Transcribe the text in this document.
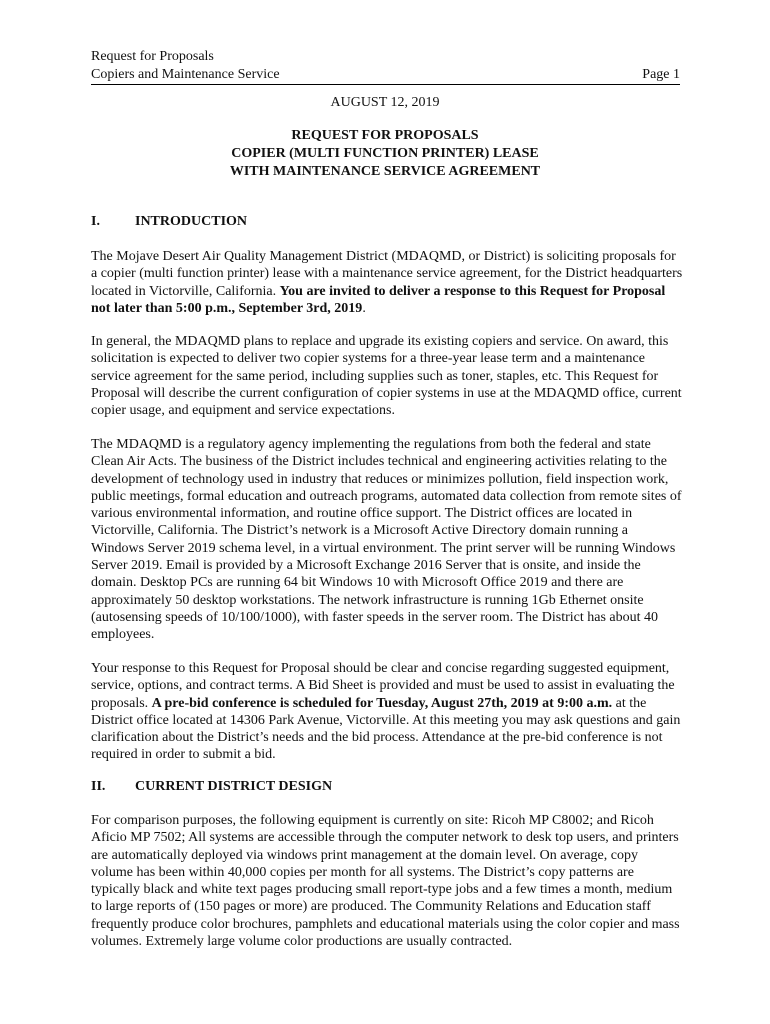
Request for Proposals
Copiers and Maintenance Service	Page 1
AUGUST 12, 2019
REQUEST FOR PROPOSALS
COPIER (MULTI FUNCTION PRINTER) LEASE
WITH MAINTENANCE SERVICE AGREEMENT
I.	INTRODUCTION

The Mojave Desert Air Quality Management District (MDAQMD, or District) is soliciting proposals for a copier (multi function printer) lease with a maintenance service agreement, for the District headquarters located in Victorville, California. You are invited to deliver a response to this Request for Proposal not later than 5:00 p.m., September 3rd, 2019.

In general, the MDAQMD plans to replace and upgrade its existing copiers and service. On award, this solicitation is expected to deliver two copier systems for a three-year lease term and a maintenance service agreement for the same period, including supplies such as toner, staples, etc. This Request for Proposal will describe the current configuration of copier systems in use at the MDAQMD office, current copier usage, and equipment and service expectations.

The MDAQMD is a regulatory agency implementing the regulations from both the federal and state Clean Air Acts. The business of the District includes technical and engineering activities relating to the development of technology used in industry that reduces or minimizes pollution, field inspection work, public meetings, formal education and outreach programs, automated data collection from remote sites of various environmental information, and routine office support. The District offices are located in Victorville, California. The District’s network is a Microsoft Active Directory domain running a Windows Server 2019 schema level, in a virtual environment. The print server will be running Windows Server 2019. Email is provided by a Microsoft Exchange 2016 Server that is onsite, and inside the domain. Desktop PCs are running 64 bit Windows 10 with Microsoft Office 2019 and there are approximately 50 desktop workstations. The network infrastructure is running 1Gb Ethernet onsite (autosensing speeds of 10/100/1000), with faster speeds in the server room. The District has about 40 employees.

Your response to this Request for Proposal should be clear and concise regarding suggested equipment, service, options, and contract terms. A Bid Sheet is provided and must be used to assist in evaluating the proposals. A pre-bid conference is scheduled for Tuesday, August 27th, 2019 at 9:00 a.m. at the District office located at 14306 Park Avenue, Victorville. At this meeting you may ask questions and gain clarification about the District’s needs and the bid process. Attendance at the pre-bid conference is not required in order to submit a bid.

II. CURRENT DISTRICT DESIGN

For comparison purposes, the following equipment is currently on site: Ricoh MP C8002; and Ricoh Aficio MP 7502; All systems are accessible through the computer network to desk top users, and printers are automatically deployed via windows print management at the domain level. On average, copy volume has been within 40,000 copies per month for all systems. The District’s copy patterns are typically black and white text pages producing small report-type jobs and a few times a month, medium to large reports of (150 pages or more) are produced. The Community Relations and Education staff frequently produce color brochures, pamphlets and educational materials using the color copier and mass volumes. Extremely large volume color productions are usually contracted.
